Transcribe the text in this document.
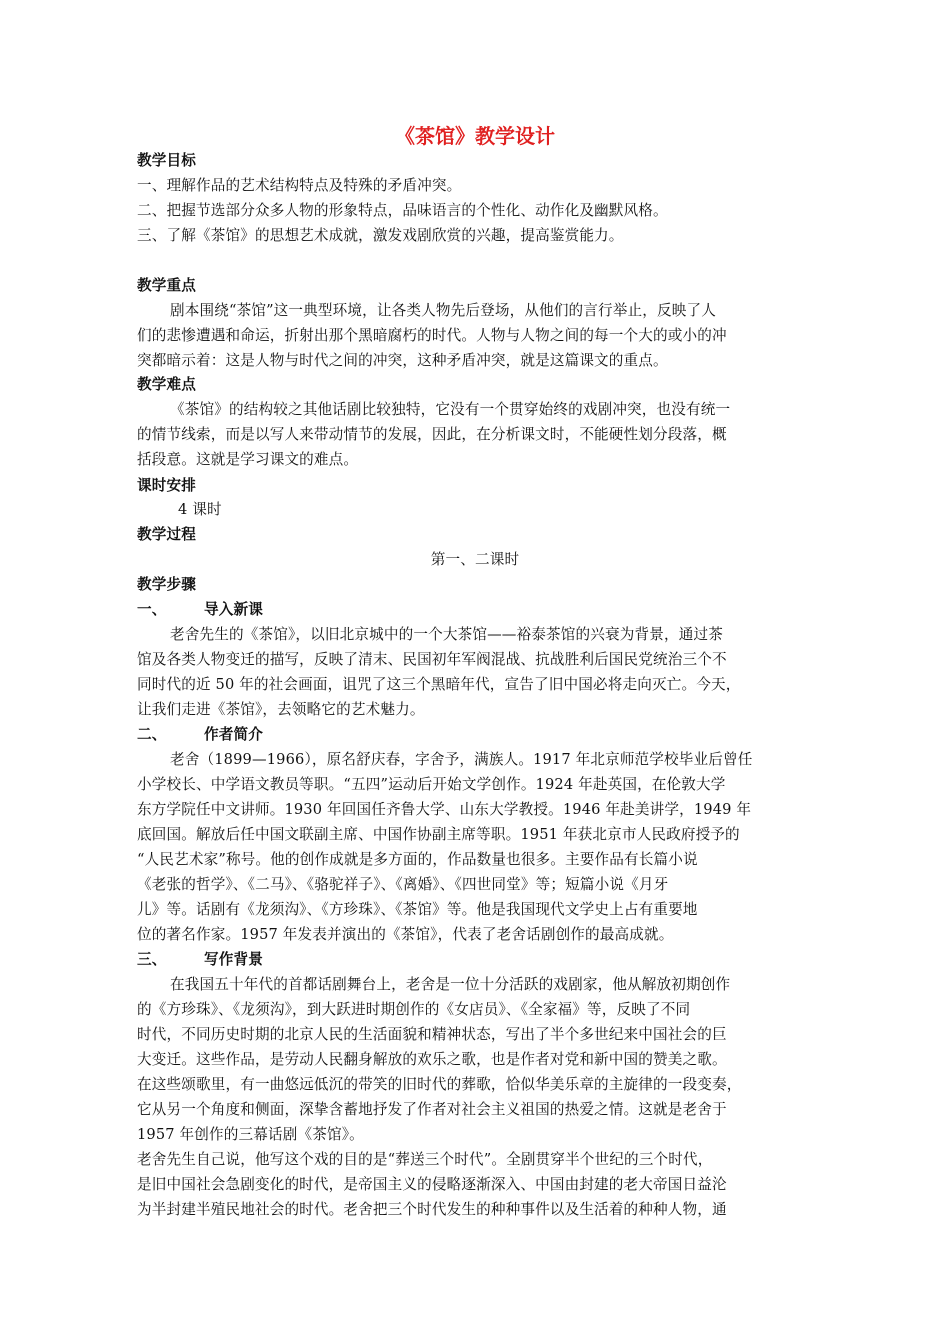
《茶馆》教学设计
教学目标
一、理解作品的艺术结构特点及特殊的矛盾冲突。
二、把握节选部分众多人物的形象特点，品味语言的个性化、动作化及幽默风格。
三、了解《茶馆》的思想艺术成就，激发戏剧欣赏的兴趣，提高鉴赏能力。
教学重点
剧本围绕“茶馆”这一典型环境，让各类人物先后登场，从他们的言行举止，反映了人
们的悲惨遭遇和命运，折射出那个黑暗腐朽的时代。人物与人物之间的每一个大的或小的冲
突都暗示着：这是人物与时代之间的冲突，这种矛盾冲突，就是这篇课文的重点。
教学难点
《茶馆》的结构较之其他话剧比较独特，它没有一个贯穿始终的戏剧冲突，也没有统一
的情节线索，而是以写人来带动情节的发展，因此，在分析课文时，不能硬性划分段落，概
括段意。这就是学习课文的难点。
课时安排
4 课时
教学过程
第一、二课时
教学步骤
一、	导入新课
老舍先生的《茶馆》，以旧北京城中的一个大茶馆——裕泰茶馆的兴衰为背景，通过茶
馆及各类人物变迁的描写，反映了清末、民国初年军阀混战、抗战胜利后国民党统治三个不
同时代的近 50 年的社会画面，诅咒了这三个黑暗年代，宣告了旧中国必将走向灭亡。今天，
让我们走进《茶馆》，去领略它的艺术魅力。
二、	作者简介
老舍（1899—1966），原名舒庆春，字舍予，满族人。1917 年北京师范学校毕业后曾任
小学校长、中学语文教员等职。“五四”运动后开始文学创作。1924 年赴英国，在伦敦大学
东方学院任中文讲师。1930 年回国任齐鲁大学、山东大学教授。1946 年赴美讲学，1949 年
底回国。解放后任中国文联副主席、中国作协副主席等职。1951 年获北京市人民政府授予的
“人民艺术家”称号。他的创作成就是多方面的，作品数量也很多。主要作品有长篇小说
《老张的哲学》、《二马》、《骆驼祥子》、《离婚》、《四世同堂》等；短篇小说《月牙
儿》等。话剧有《龙须沟》、《方珍珠》、《茶馆》等。他是我国现代文学史上占有重要地
位的著名作家。1957 年发表并演出的《茶馆》，代表了老舍话剧创作的最高成就。
三、	写作背景
在我国五十年代的首都话剧舞台上，老舍是一位十分活跃的戏剧家，他从解放初期创作
的《方珍珠》、《龙须沟》，到大跃进时期创作的《女店员》、《全家福》等，反映了不同
时代，不同历史时期的北京人民的生活面貌和精神状态，写出了半个多世纪来中国社会的巨
大变迁。这些作品，是劳动人民翻身解放的欢乐之歌，也是作者对党和新中国的赞美之歌。
在这些颂歌里，有一曲悠远低沉的带笑的旧时代的葬歌，恰似华美乐章的主旋律的一段变奏，
它从另一个角度和侧面，深挚含蓄地抒发了作者对社会主义祖国的热爱之情。这就是老舍于
1957 年创作的三幕话剧《茶馆》。
老舍先生自己说，他写这个戏的目的是“葬送三个时代”。全剧贯穿半个世纪的三个时代，
是旧中国社会急剧变化的时代，是帝国主义的侵略逐渐深入、中国由封建的老大帝国日益沦
为半封建半殖民地社会的时代。老舍把三个时代发生的种种事件以及生活着的种种人物，通
